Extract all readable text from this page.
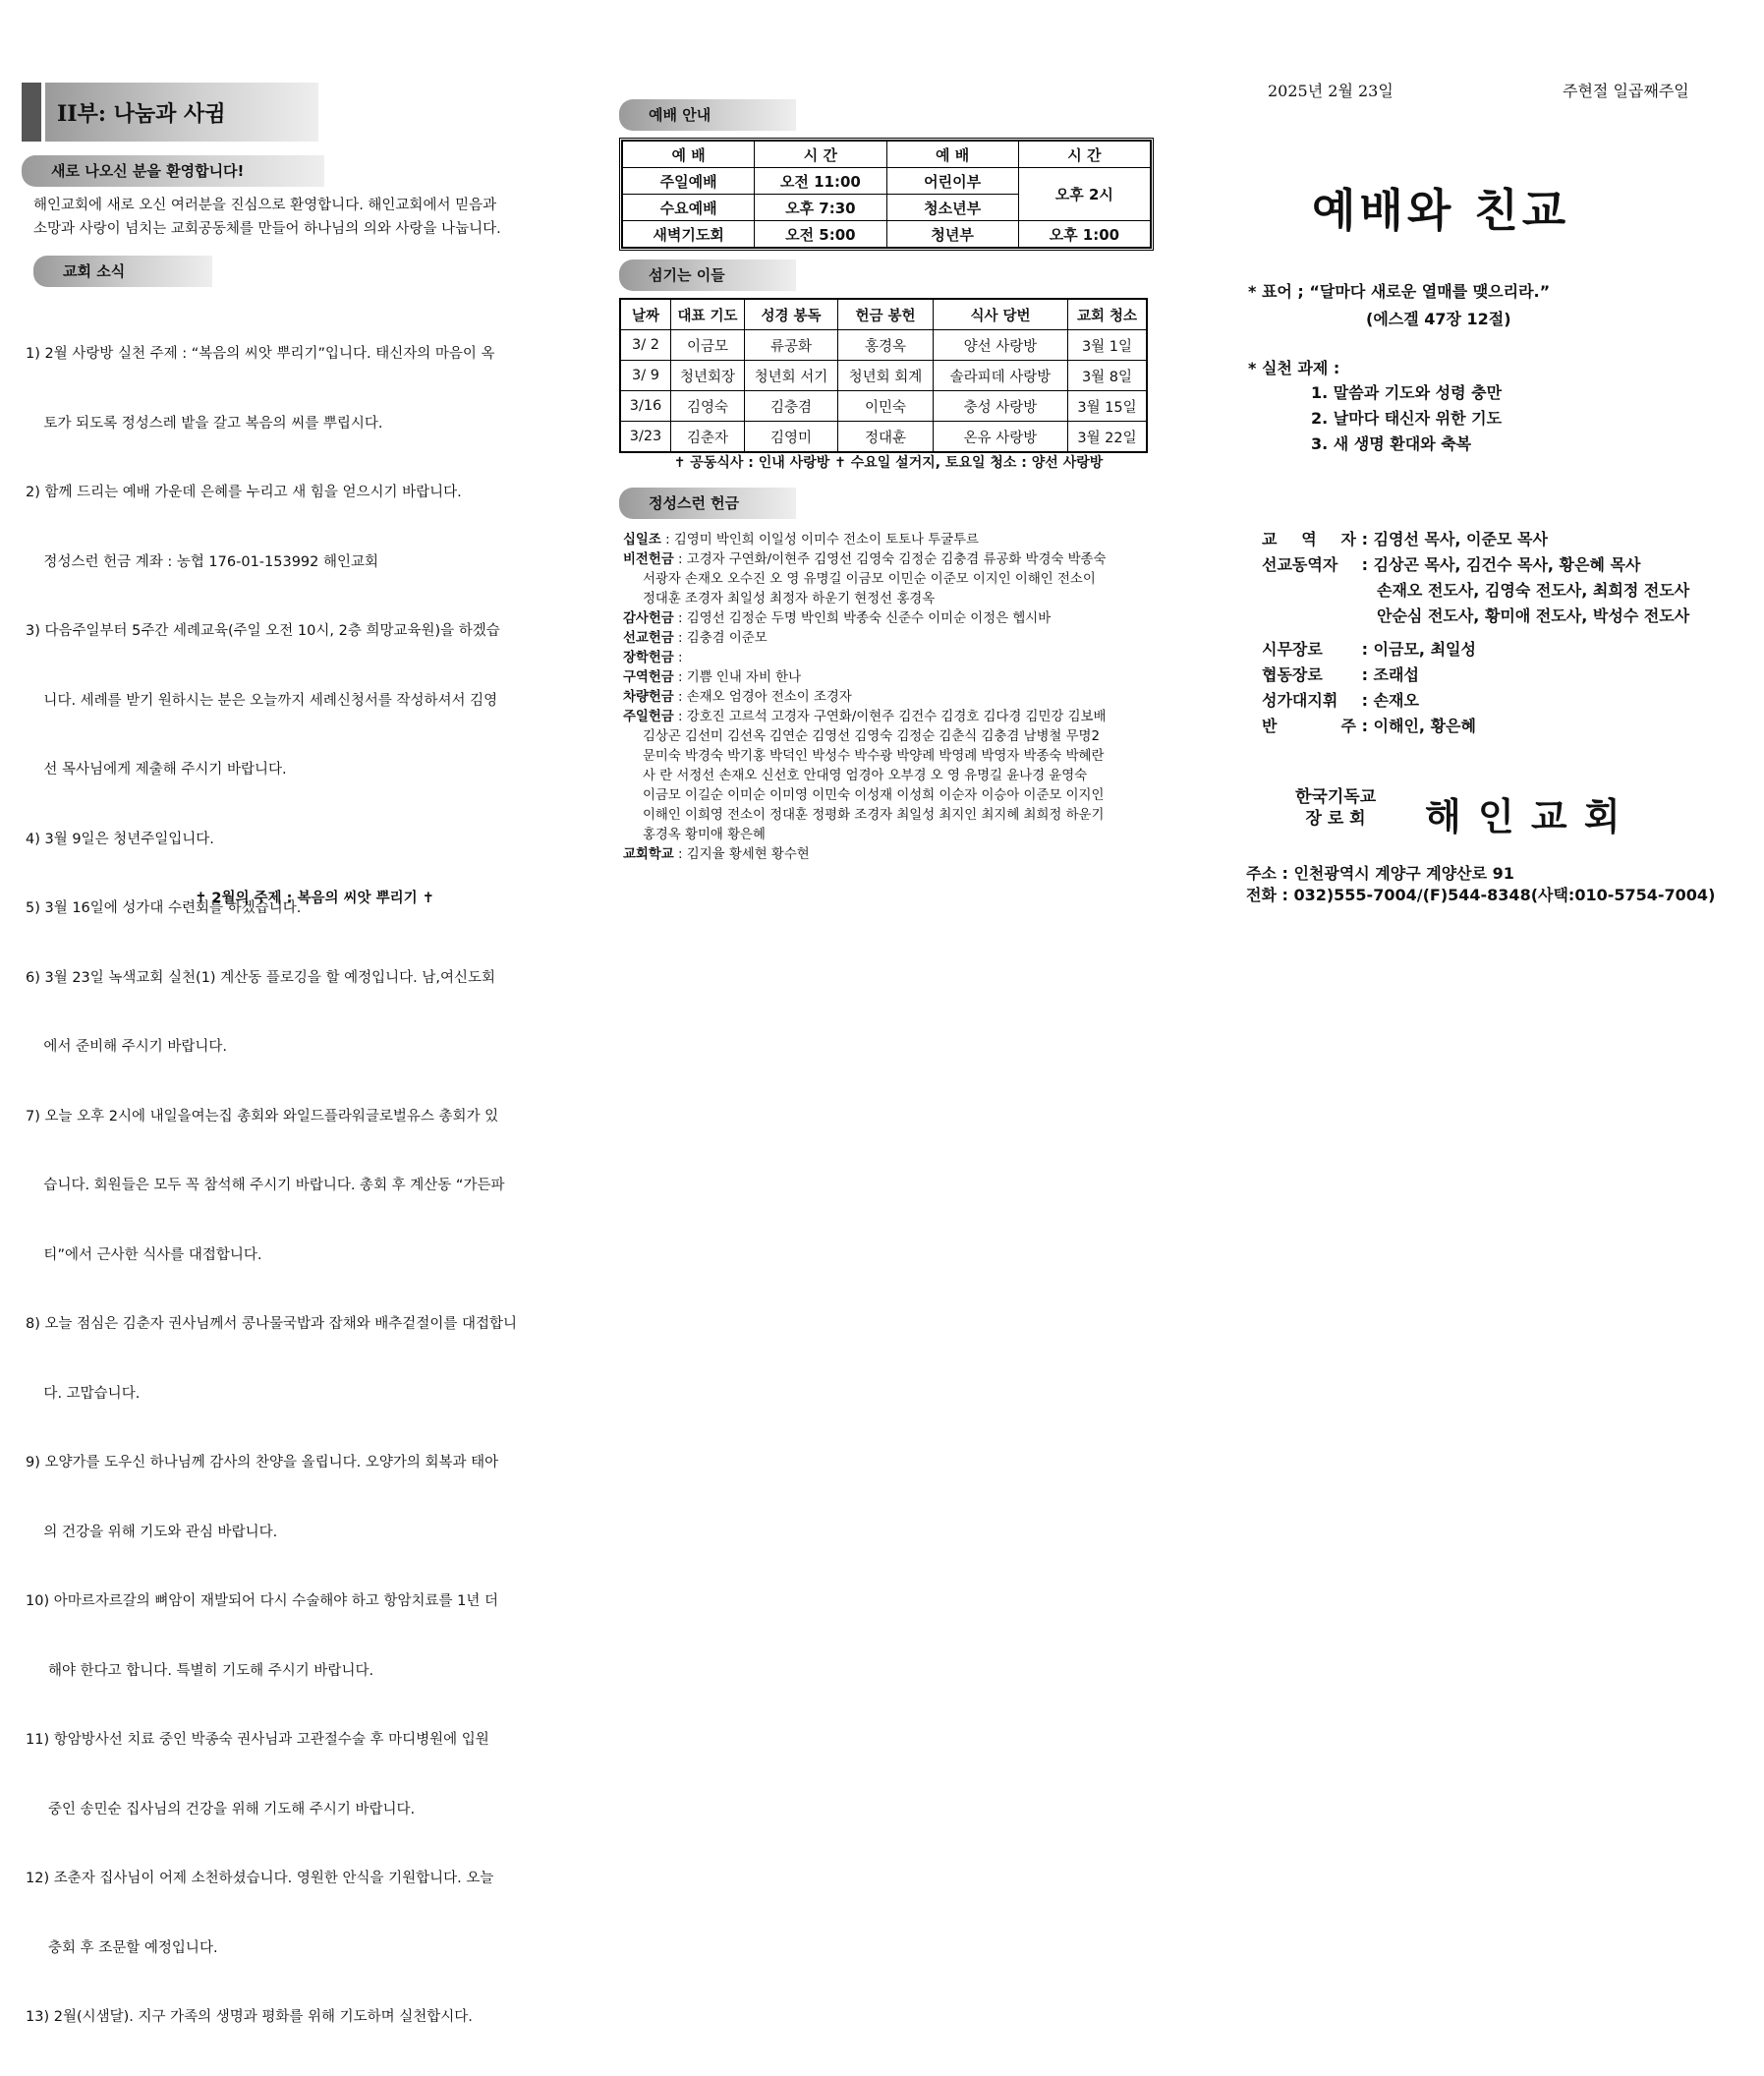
II부: 나눔과 사귐
새로 나오신 분을 환영합니다!
해인교회에 새로 오신 여러분을 진심으로 환영합니다. 해인교회에서 믿음과
소망과 사랑이 넘치는 교회공동체를 만들어 하나님의 의와 사랑을 나눕니다.
교회 소식

1) 2월 사랑방 실천 주제 : “복음의 씨앗 뿌리기”입니다. 태신자의 마음이 옥

토가 되도록 정성스레 밭을 갈고 복음의 씨를 뿌립시다.

2) 함께 드리는 예배 가운데 은혜를 누리고 새 힘을 얻으시기 바랍니다.

정성스런 헌금 계좌 : 농협 176-01-153992 해인교회

3) 다음주일부터 5주간 세례교육(주일 오전 10시, 2층 희망교육원)을 하겠습

니다. 세례를 받기 원하시는 분은 오늘까지 세례신청서를 작성하셔서 김영

선 목사님에게 제출해 주시기 바랍니다.

4) 3월 9일은 청년주일입니다.

5) 3월 16일에 성가대 수련회를 하겠습니다.

6) 3월 23일 녹색교회 실천(1) 계산동 플로깅을 할 예정입니다. 남,여신도회

에서 준비해 주시기 바랍니다.

7) 오늘 오후 2시에 내일을여는집 총회와 와일드플라워글로벌유스 총회가 있

습니다. 회원들은 모두 꼭 참석해 주시기 바랍니다. 총회 후 계산동 “가든파

티”에서 근사한 식사를 대접합니다.

8) 오늘 점심은 김춘자 권사님께서 콩나물국밥과 잡채와 배추겉절이를 대접합니

다. 고맙습니다.

9) 오양가를 도우신 하나님께 감사의 찬양을 올립니다. 오양가의 회복과 태아

의 건강을 위해 기도와 관심 바랍니다.

10) 아마르자르갈의 뼈암이 재발되어 다시 수술해야 하고 항암치료를 1년 더

해야 한다고 합니다. 특별히 기도해 주시기 바랍니다.

11) 항암방사선 치료 중인 박종숙 권사님과 고관절수술 후 마디병원에 입원

중인 송민순 집사님의 건강을 위해 기도해 주시기 바랍니다.

12) 조춘자 집사님이 어제 소천하셨습니다. 영원한 안식을 기원합니다. 오늘

충회 후 조문할 예정입니다.

13) 2월(시샘달). 지구 가족의 생명과 평화를 위해 기도하며 실천합시다.

✝ 2월의 주제 : 복음의 씨앗 뿌리기 ✝
예배 안내
예 배	시 간	예 배	시 간
주일예배	오전 11:00	어린이부	오후 2시
수요예배	오후 7:30	청소년부	
새벽기도회	오전 5:00	청년부	오후 1:00
섬기는 이들
날짜	대표 기도	성경 봉독	헌금 봉헌	식사 당번	교회 청소
3/ 2	이금모	류공화	홍경옥	양선 사랑방	3월 1일
3/ 9	청년회장	청년회 서기	청년회 회계	솔라피데 사랑방	3월 8일
3/16	김영숙	김충겸	이민숙	충성 사랑방	3월 15일
3/23	김춘자	김영미	정대훈	온유 사랑방	3월 22일
✝ 공동식사 : 인내 사랑방 ✝ 수요일 설거지, 토요일 청소 : 양선 사랑방
정성스런 헌금
십일조 : 김영미 박인희 이일성 이미수 전소이 토토나 투굴투르
비전헌금 : 고경자 구연화/이현주 김영선 김영숙 김정순 김충겸 류공화 박경숙 박종숙
서광자 손재오 오수진 오 영 유명길 이금모 이민순 이준모 이지인 이해인 전소이
정대훈 조경자 최일성 최정자 하운기 현정선 홍경옥
감사헌금 : 김영선 김정순 두명 박인희 박종숙 신준수 이미순 이정은 헵시바
선교헌금 : 김충겸 이준모
장학헌금 :
구역헌금 : 기쁨 인내 자비 한나
차량헌금 : 손재오 엄경아 전소이 조경자
주일헌금 : 강호진 고르석 고경자 구연화/이현주 김건수 김경호 김다경 김민강 김보배
김상곤 김선미 김선옥 김연순 김영선 김영숙 김정순 김춘식 김충겸 남병철 무명2
문미숙 박경숙 박기홍 박덕인 박성수 박수광 박양례 박영례 박영자 박종숙 박혜란
사 란 서정선 손재오 신선호 안대영 엄경아 오부경 오 영 유명길 윤나경 윤영숙
이금모 이길순 이미순 이미영 이민숙 이성재 이성희 이순자 이승아 이준모 이지인
이해인 이희영 전소이 정대훈 정평화 조경자 최일성 최지인 최지혜 최희정 하운기
홍경옥 황미애 황은혜
교회학교 : 김지율 황세현 황수현
2025년 2월 23일	주현절 일곱째주일
예배와 친교
* 표어 ; “달마다 새로운 열매를 맺으리라.”
(에스겔 47장 12절)
* 실천 과제 :
1. 말씀과 기도와 성령 충만
2. 날마다 태신자 위한 기도
3. 새 생명 환대와 축복
교 역 자 : 김영선 목사, 이준모 목사
선교동역자 : 김상곤 목사, 김건수 목사, 황은혜 목사
손재오 전도사, 김영숙 전도사, 최희정 전도사
안순심 전도사, 황미애 전도사, 박성수 전도사
시무장로 : 이금모, 최일성
협동장로 : 조래섭
성가대지휘 : 손재오
반 주 : 이해인, 황은혜
한국기독교
장 로 회 해 인 교 회
주소 : 인천광역시 계양구 계양산로 91
전화 : 032)555-7004/(F)544-8348(사택:010-5754-7004)
